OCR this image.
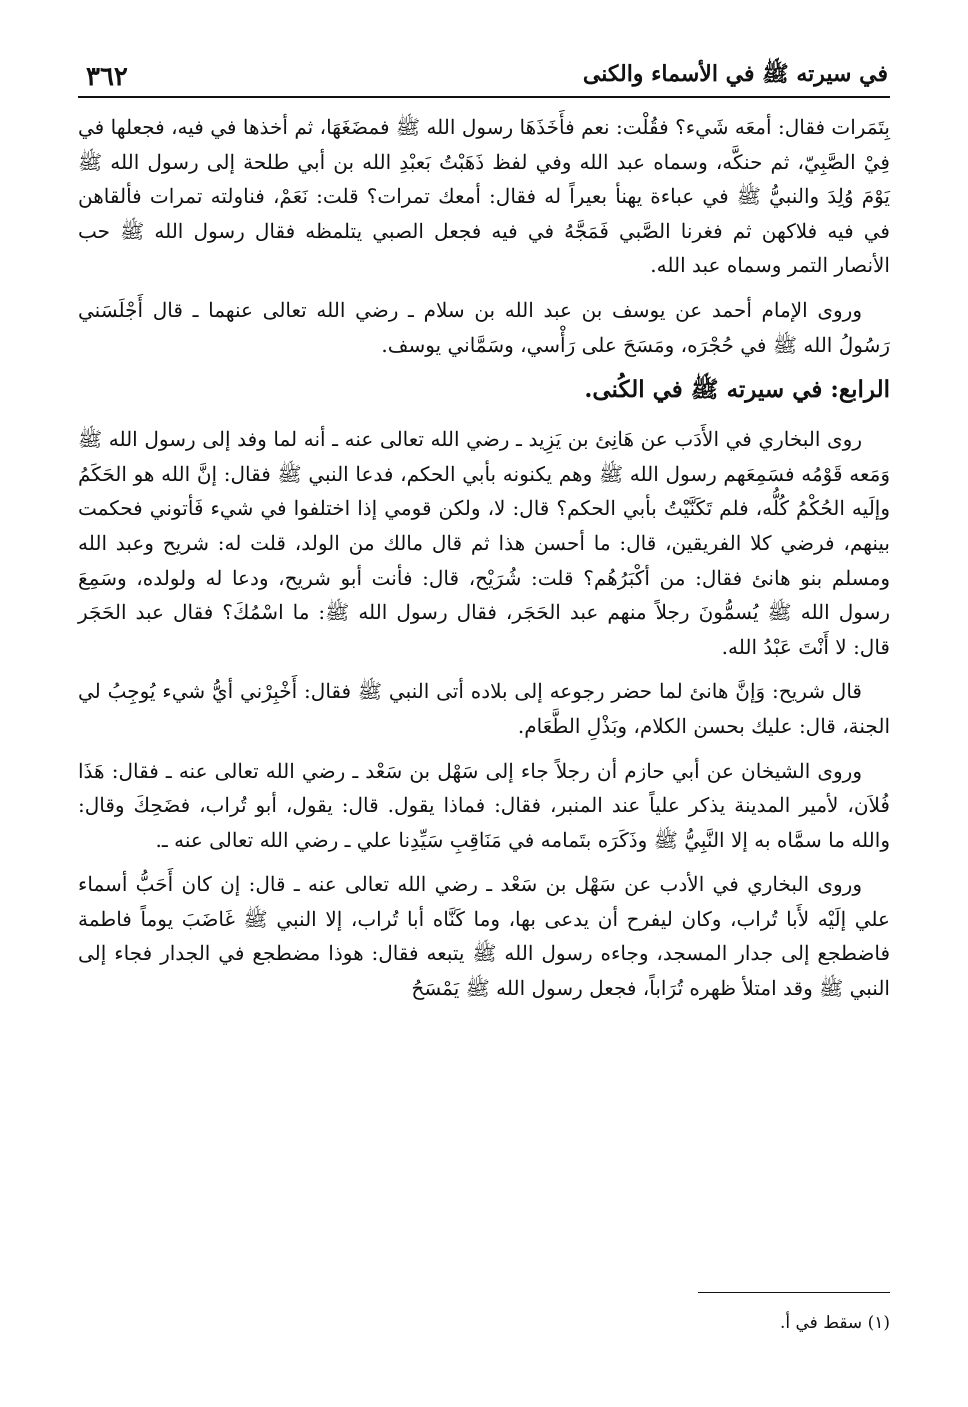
في سيرته ﷺ في الأسماء والكنى
٣٦٢

بِتَمَرات فقال: أمعَه شَيء؟ فقُلْت: نعم فأَخَذَهَا رسول الله ﷺ فمضَغَهَا، ثم أخذها في فيه، فجعلها في فِيْ الصَّبِيّ، ثم حنكَّه، وسماه عبد الله وفي لفظ ذَهَبْتُ بَعبْدِ الله بن أبي طلحة إلى رسول الله ﷺ يَوْمَ وُلِدَ والنبيُّ ﷺ في عباءة يهنأ بعيراً له فقال: أمعك تمرات؟ قلت: نَعَمْ، فناولته تمرات فألقاهن في فيه فلاكهن ثم فغرنا الصَّبي فَمَجَّهُ في فيه فجعل الصبي يتلمظه فقال رسول الله ﷺ حب الأنصار التمر وسماه عبد الله.

وروى الإمام أحمد عن يوسف بن عبد الله بن سلام ـ رضي الله تعالى عنهما ـ قال أَجْلَسَني رَسُولُ الله ﷺ في حُجْرَه، ومَسَحَ على رَأْسي، وسَمَّاني يوسف.

الرابع: في سيرته ﷺ في الكُنى.

روى البخاري في الأَدَب عن هَانِئ بن يَزِيد ـ رضي الله تعالى عنه ـ أنه لما وفد إلى رسول الله ﷺ وَمَعه قَوْمُه فسَمِعَهم رسول الله ﷺ وهم يكنونه بأبي الحكم، فدعا النبي ﷺ فقال: إنَّ الله هو الحَكَمُ وإلَيه الحُكْمُ كُلُّه، فلم تَكَنَّيْتُ بأبي الحكم؟ قال: لا، ولكن قومي إذا اختلفوا في شيء فَأتوني فحكمت بينهم، فرضي كلا الفريقين، قال: ما أحسن هذا ثم قال مالك من الولد، قلت له: شريح وعبد الله ومسلم بنو هانئ فقال: من أكْبَرُهُم؟ قلت: شُرَيْح، قال: فأنت أبو شريح، ودعا له ولولده، وسَمِعَ رسول الله ﷺ يُسمُّونَ رجلاً منهم عبد الحَجَر، فقال رسول الله ﷺ: ما اسْمُكَ؟ فقال عبد الحَجَر قال: لا أَنْتَ عَبْدُ الله.

قال شريح: وَإنَّ هانئ لما حضر رجوعه إلى بلاده أتى النبي ﷺ فقال: أَخْبِرْني أيُّ شيء يُوجِبُ لي الجنة، قال: عليك بحسن الكلام، وبَذْلِ الطَّعَام.

وروى الشيخان عن أبي حازم أن رجلاً جاء إلى سَهْل بن سَعْد ـ رضي الله تعالى عنه ـ فقال: هَذَا فُلاَن، لأمير المدينة يذكر علياً عند المنبر، فقال: فماذا يقول. قال: يقول، أبو تُراب، فضَحِكَ وقال: والله ما سمَّاه به إلا النَّبِيُّ ﷺ وذَكَرَه بتَمامه في مَنَاقِبِ سَيِّدِنا علي ـ رضي الله تعالى عنه ـ.

وروى البخاري في الأدب عن سَهْل بن سَعْد ـ رضي الله تعالى عنه ـ قال: إن كان أَحَبُّ أسماء علي إلَيْه لأَبا تُراب، وكان ليفرح أن يدعى بها، وما كَنَّاه أبا تُراب، إلا النبي ﷺ غَاضَبَ يوماً فاطمة فاضطجع إلى جدار المسجد، وجاءه رسول الله ﷺ يتبعه فقال: هوذا مضطجع في الجدار فجاء إلى النبي ﷺ وقد امتلأ ظهره تُرَاباً، فجعل رسول الله ﷺ يَمْسَحُ

(١) سقط في أ.
